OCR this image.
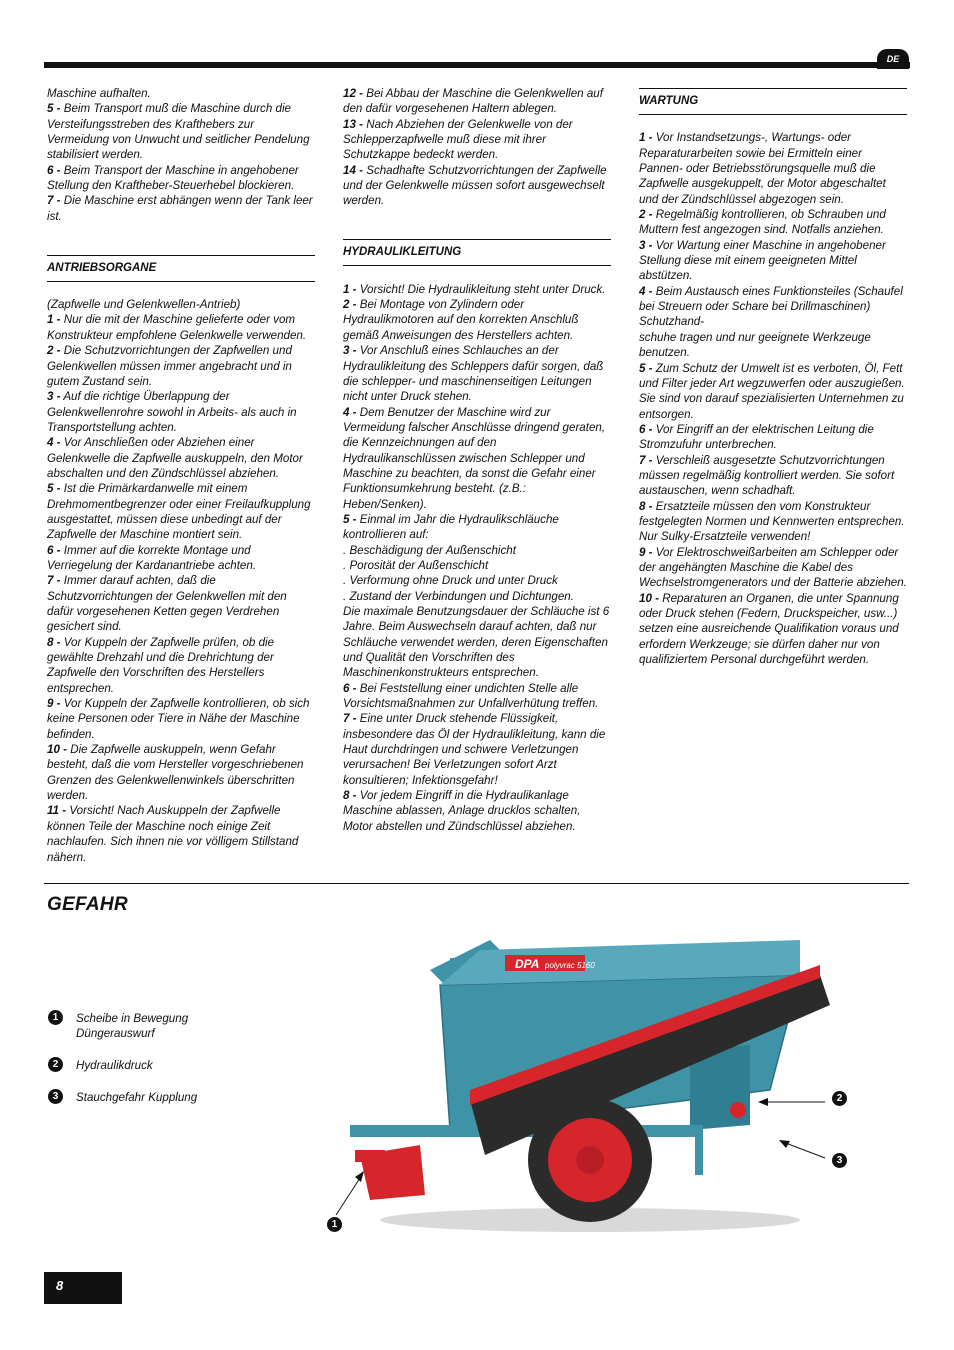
DE

Maschine aufhalten.

5 - Beim Transport muß die Maschine durch die Versteifungsstreben des Krafthebers zur Vermeidung von Unwucht und seitlicher Pendelung stabilisiert werden.

6 - Beim Transport der Maschine in angehobener Stellung den Kraftheber-Steuerhebel blockieren.

7 - Die Maschine erst abhängen wenn der Tank leer ist.

ANTRIEBSORGANE

(Zapfwelle und Gelenkwellen-Antrieb)

1 - Nur die mit der Maschine gelieferte oder vom Konstrukteur empfohlene Gelenkwelle verwenden.

2 - Die Schutzvorrichtungen der Zapfwellen und Gelenkwellen müssen immer angebracht und in gutem Zustand sein.

3 - Auf die richtige Überlappung der Gelenkwellenrohre sowohl in Arbeits- als auch in Transportstellung achten.

4 - Vor Anschließen oder Abziehen einer Gelenkwelle die Zapfwelle auskuppeln, den Motor abschalten und den Zündschlüssel abziehen.

5 - Ist die Primärkardanwelle mit einem Drehmomentbegrenzer oder einer Freilaufkupplung ausgestattet, müssen diese unbedingt auf der Zapfwelle der Maschine montiert sein.

6 - Immer auf die korrekte Montage und Verriegelung der Kardanantriebe achten.

7 - Immer darauf achten, daß die Schutzvorrichtungen der Gelenkwellen mit den dafür vorgesehenen Ketten gegen Verdrehen gesichert sind.

8 - Vor Kuppeln der Zapfwelle prüfen, ob die gewählte Drehzahl und die Drehrichtung der Zapfwelle den Vorschriften des Herstellers entsprechen.

9 - Vor Kuppeln der Zapfwelle kontrollieren, ob sich keine Personen oder Tiere in Nähe der Maschine befinden.

10 - Die Zapfwelle auskuppeln, wenn Gefahr besteht, daß die vom Hersteller vorgeschriebenen Grenzen des Gelenkwellenwinkels überschritten werden.

11 - Vorsicht! Nach Auskuppeln der Zapfwelle können Teile der Maschine noch einige Zeit nachlaufen. Sich ihnen nie vor völligem Stillstand nähern.

12 - Bei Abbau der Maschine die Gelenkwellen auf den dafür vorgesehenen Haltern ablegen.

13 - Nach Abziehen der Gelenkwelle von der Schlepperzapfwelle muß diese mit ihrer Schutzkappe bedeckt werden.

14 - Schadhafte Schutzvorrichtungen der Zapfwelle und der Gelenkwelle müssen sofort ausgewechselt werden.

HYDRAULIKLEITUNG

1 - Vorsicht! Die Hydraulikleitung steht unter Druck.

2 - Bei Montage von Zylindern oder Hydraulikmotoren auf den korrekten Anschluß gemäß Anweisungen des Herstellers achten.

3 - Vor Anschluß eines Schlauches an der Hydraulikleitung des Schleppers dafür sorgen, daß die schlepper- und maschinenseitigen Leitungen nicht unter Druck stehen.

4 - Dem Benutzer der Maschine wird zur Vermeidung falscher Anschlüsse dringend geraten, die Kennzeichnungen auf den Hydraulikanschlüssen zwischen Schlepper und Maschine zu beachten, da sonst die Gefahr einer Funktionsumkehrung besteht. (z.B.: Heben/Senken).

5 - Einmal im Jahr die Hydraulikschläuche kontrollieren auf:

. Beschädigung der Außenschicht

. Porosität der Außenschicht

. Verformung ohne Druck und unter Druck

. Zustand der Verbindungen und Dichtungen.

Die maximale Benutzungsdauer der Schläuche ist 6 Jahre. Beim Auswechseln darauf achten, daß nur Schläuche verwendet werden, deren Eigenschaften und Qualität den Vorschriften des Maschinenkonstrukteurs entsprechen.

6 - Bei Feststellung einer undichten Stelle alle Vorsichtsmaßnahmen zur Unfallverhütung treffen.

7 - Eine unter Druck stehende Flüssigkeit, insbesondere das Öl der Hydraulikleitung, kann die Haut durchdringen und schwere Verletzungen verursachen! Bei Verletzungen sofort Arzt konsultieren; Infektionsgefahr!

8 - Vor jedem Eingriff in die Hydraulikanlage Maschine ablassen, Anlage drucklos schalten, Motor abstellen und Zündschlüssel abziehen.

WARTUNG

1 - Vor Instandsetzungs-, Wartungs- oder Reparaturarbeiten sowie bei Ermitteln einer Pannen- oder Betriebsstörungsquelle muß die Zapfwelle ausgekuppelt, der Motor abgeschaltet und der Zündschlüssel abgezogen sein.

2 - Regelmäßig kontrollieren, ob Schrauben und Muttern fest angezogen sind. Notfalls anziehen.

3 - Vor Wartung einer Maschine in angehobener Stellung diese mit einem geeigneten Mittel abstützen.

4 - Beim Austausch eines Funktionsteiles (Schaufel bei Streuern oder Schare bei Drillmaschinen) Schutzhand-
schuhe tragen und nur geeignete Werkzeuge benutzen.

5 - Zum Schutz der Umwelt ist es verboten, Öl, Fett und Filter jeder Art wegzuwerfen oder auszugießen. Sie sind von darauf spezialisierten Unternehmen zu entsorgen.

6 - Vor Eingriff an der elektrischen Leitung die Stromzufuhr unterbrechen.

7 - Verschleiß ausgesetzte Schutzvorrichtungen müssen regelmäßig kontrolliert werden. Sie sofort austauschen, wenn schadhaft.

8 - Ersatzteile müssen den vom Konstrukteur festgelegten Normen und Kennwerten entsprechen. Nur Sulky-Ersatzteile verwenden!

9 - Vor Elektroschweißarbeiten am Schlepper oder der angehängten Maschine die Kabel des Wechselstromgenerators und der Batterie abziehen.

10 - Reparaturen an Organen, die unter Spannung oder Druck stehen (Federn, Druckspeicher, usw...) setzen eine ausreichende Qualifikation voraus und erfordern Werkzeuge; sie dürfen daher nur von qualifiziertem Personal durchgeführt werden.

GEFAHR
1	Scheibe in Bewegung
Düngerauswurf
2	Hydraulikdruck
3	Stauchgefahr Kupplung
DPA polyvrac 5160
2
3
1
8
